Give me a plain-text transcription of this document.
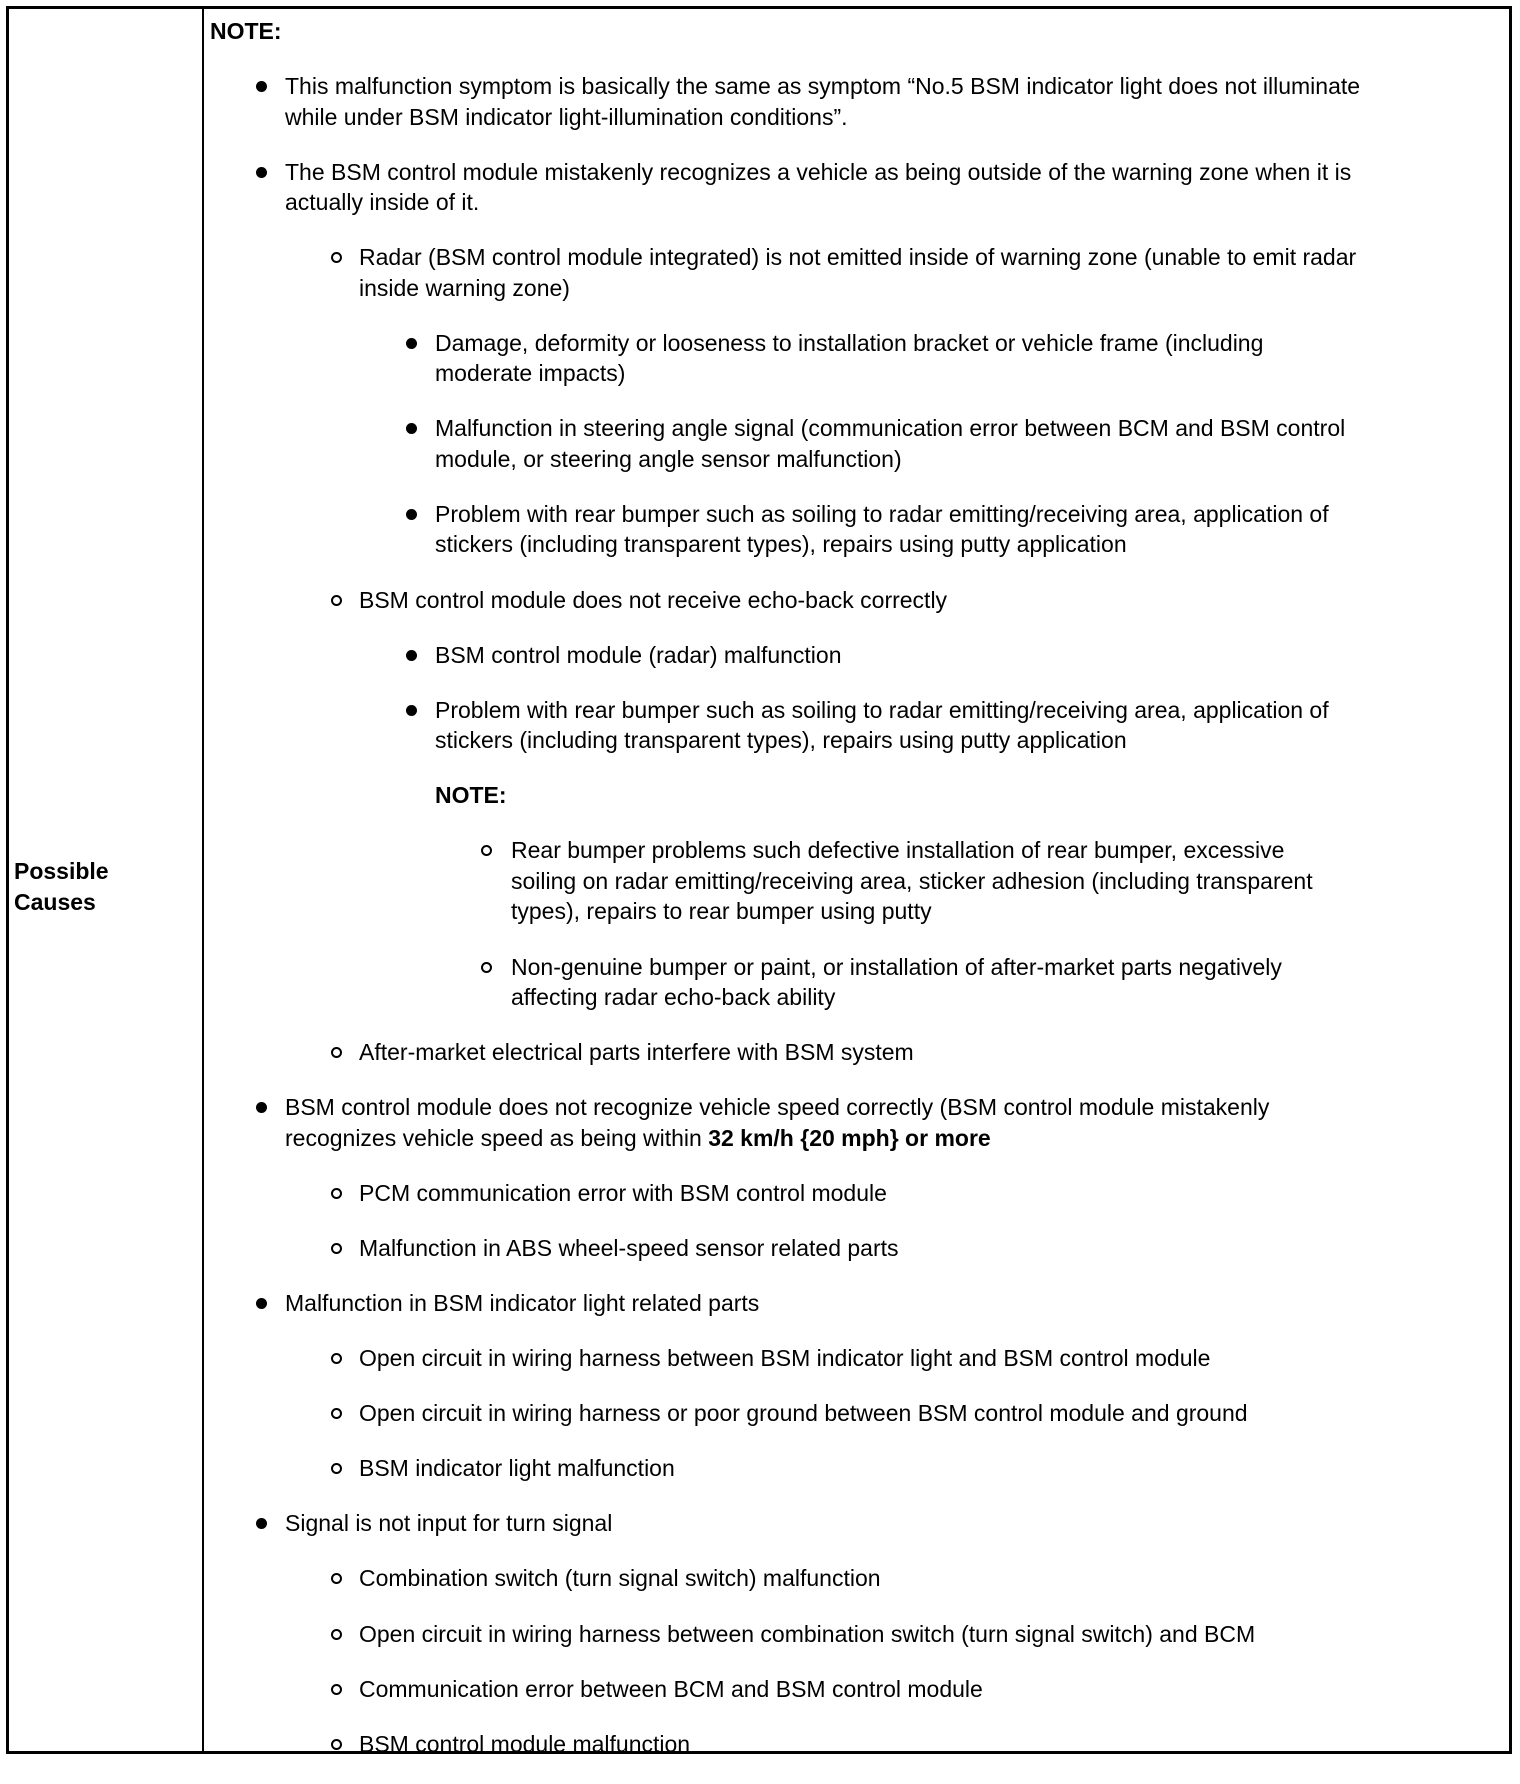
Possible
Causes
NOTE:
This malfunction symptom is basically the same as symptom “No.5 BSM indicator light does not illuminate
while under BSM indicator light-illumination conditions”.
The BSM control module mistakenly recognizes a vehicle as being outside of the warning zone when it is
actually inside of it.
Radar (BSM control module integrated) is not emitted inside of warning zone (unable to emit radar
inside warning zone)
Damage, deformity or looseness to installation bracket or vehicle frame (including
moderate impacts)
Malfunction in steering angle signal (communication error between BCM and BSM control
module, or steering angle sensor malfunction)
Problem with rear bumper such as soiling to radar emitting/receiving area, application of
stickers (including transparent types), repairs using putty application
BSM control module does not receive echo-back correctly
BSM control module (radar) malfunction
Problem with rear bumper such as soiling to radar emitting/receiving area, application of
stickers (including transparent types), repairs using putty application
NOTE:
Rear bumper problems such defective installation of rear bumper, excessive
soiling on radar emitting/receiving area, sticker adhesion (including transparent
types), repairs to rear bumper using putty
Non-genuine bumper or paint, or installation of after-market parts negatively
affecting radar echo-back ability
After-market electrical parts interfere with BSM system
BSM control module does not recognize vehicle speed correctly (BSM control module mistakenly
recognizes vehicle speed as being within 32 km/h {20 mph} or more
PCM communication error with BSM control module
Malfunction in ABS wheel-speed sensor related parts
Malfunction in BSM indicator light related parts
Open circuit in wiring harness between BSM indicator light and BSM control module
Open circuit in wiring harness or poor ground between BSM control module and ground
BSM indicator light malfunction
Signal is not input for turn signal
Combination switch (turn signal switch) malfunction
Open circuit in wiring harness between combination switch (turn signal switch) and BCM
Communication error between BCM and BSM control module
BSM control module malfunction
